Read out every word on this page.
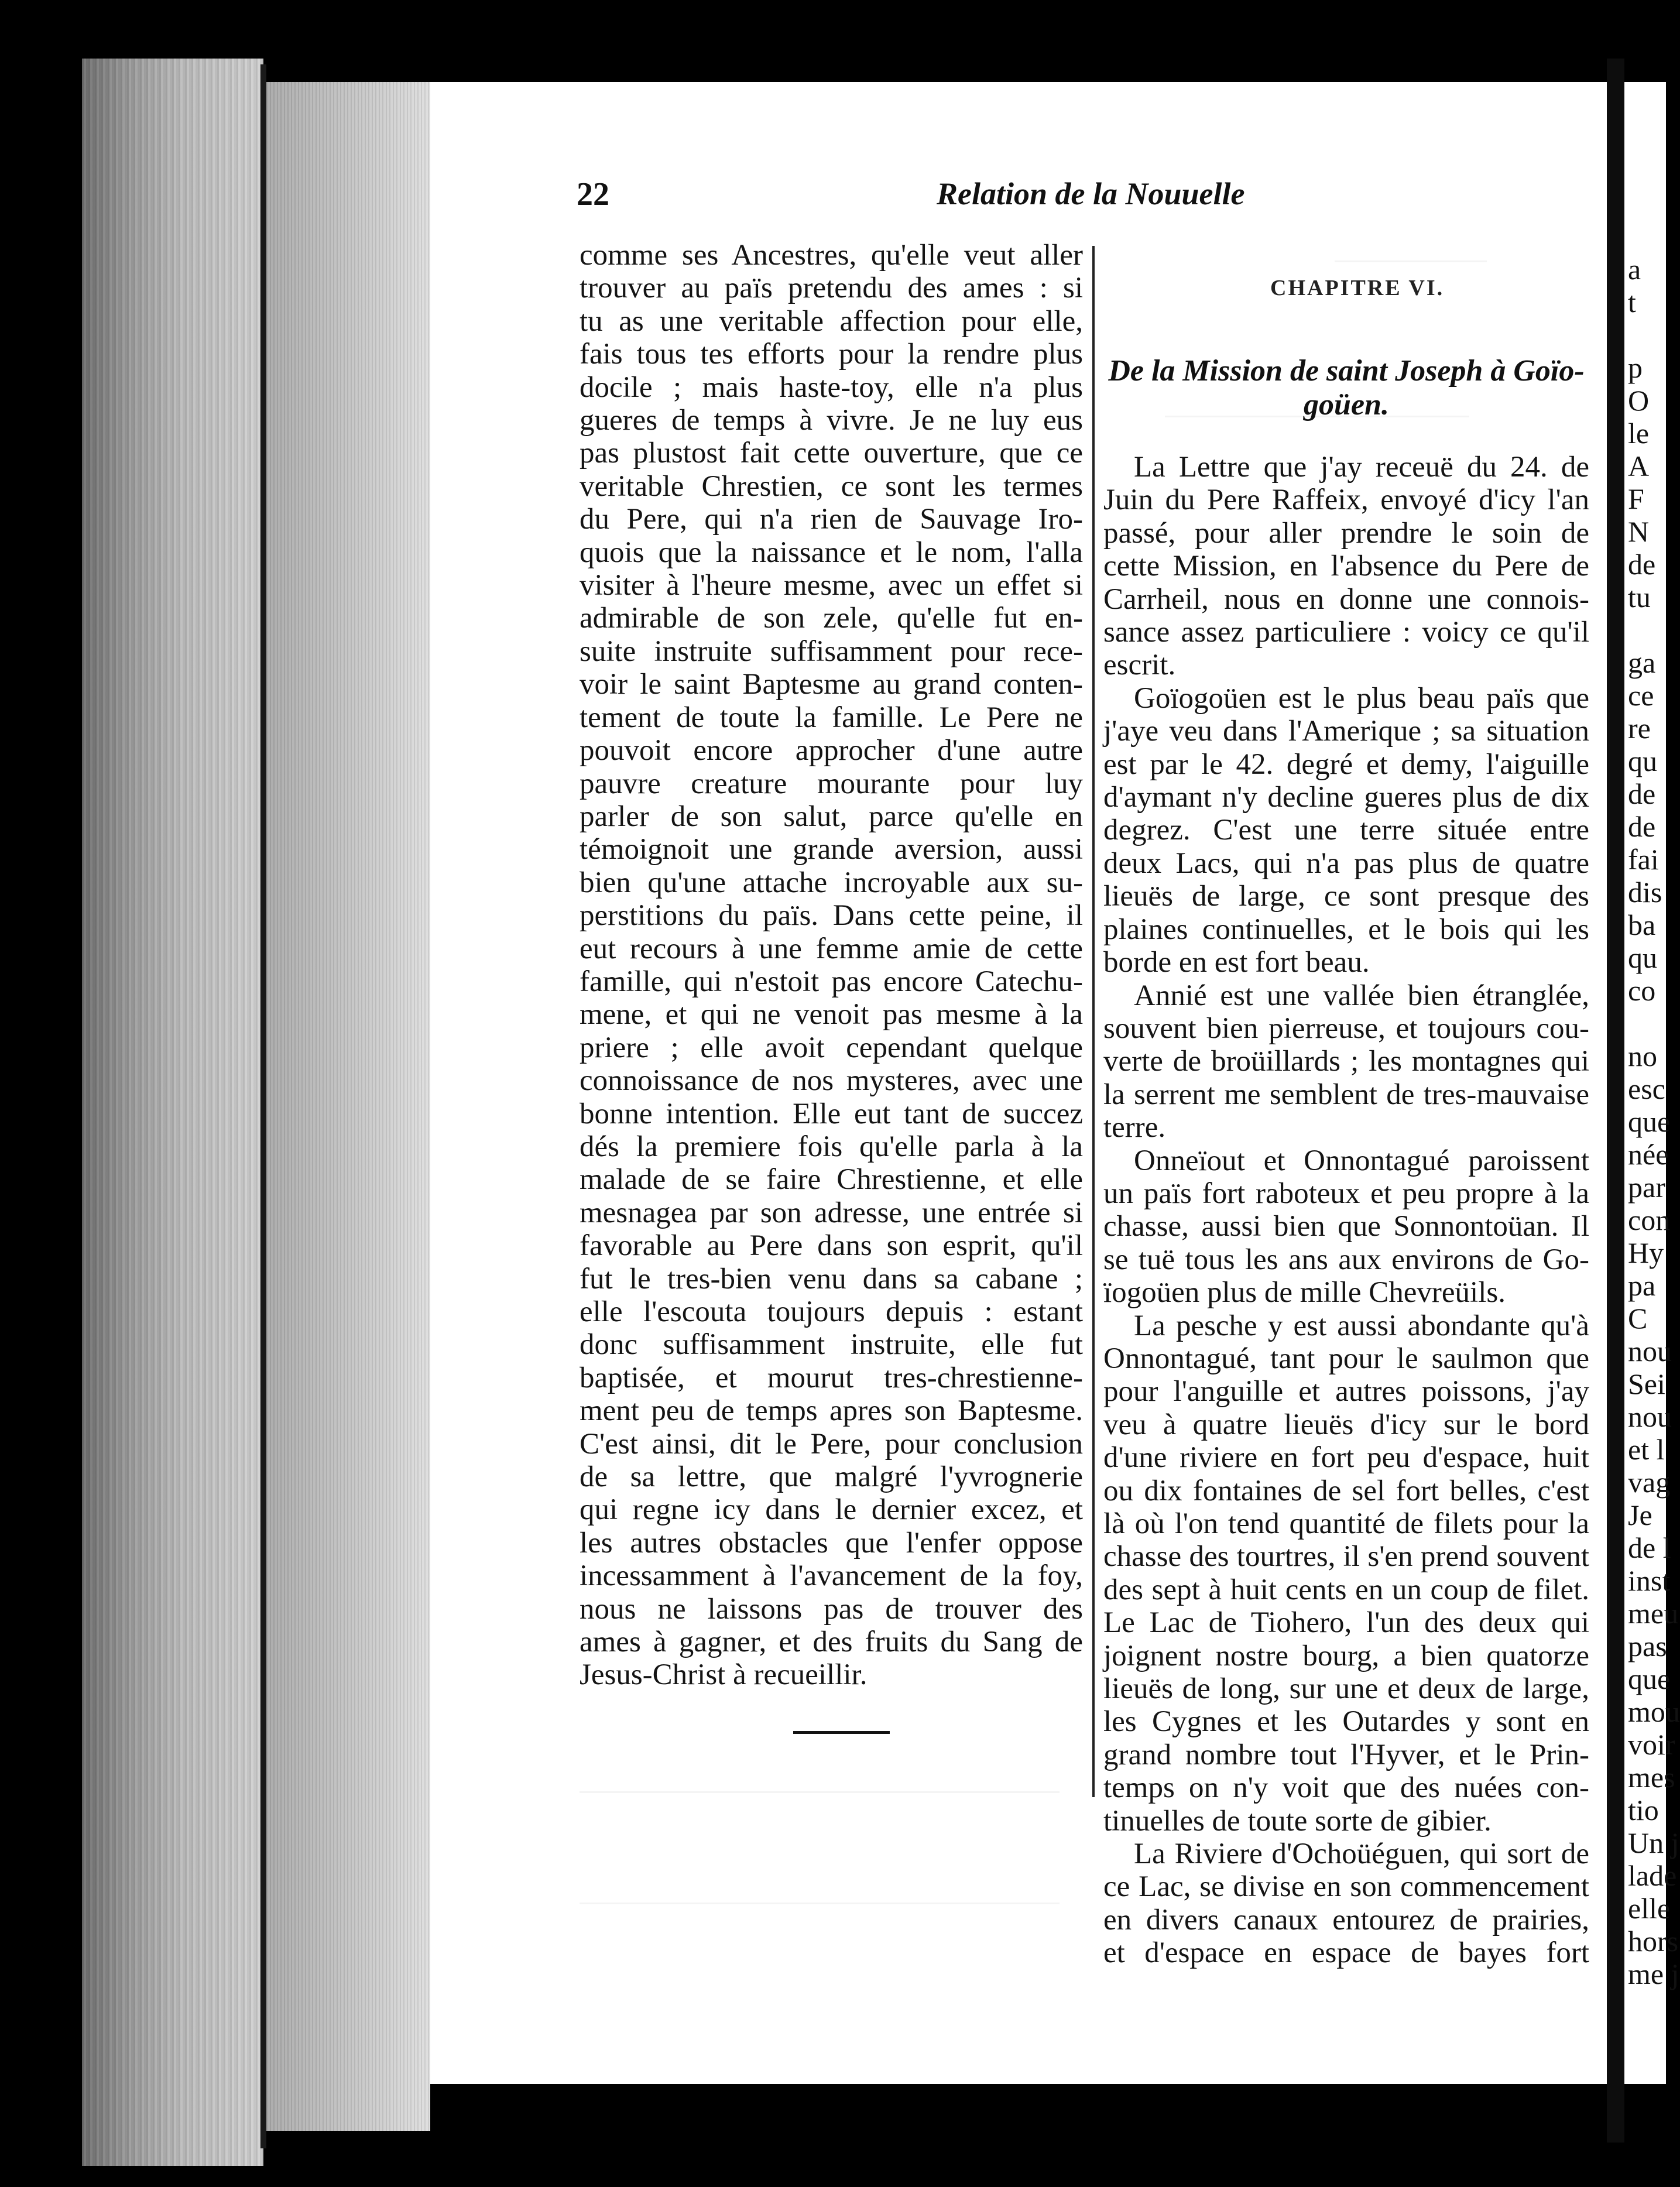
a
t
p
O
le
A
F
N
de
tu
ga
ce
re
qu
de
de
fai
dis
ba
qu
co
no
esc
que
née
par
con
Hy
pa
C
nou
Sei
nou
et l
vag
Je
de l
inst
meu
pas
que
mou
voir
mes
tio
Un j
lade
elle
hors
me j
22	Relation de la Nouuelle
comme ses Ancestres, qu'elle veut aller
trouver au païs pretendu des ames : si
tu as une veritable affection pour elle,
fais tous tes efforts pour la rendre plus
docile ; mais haste-toy, elle n'a plus
gueres de temps à vivre. Je ne luy eus
pas plustost fait cette ouverture, que ce
veritable Chrestien, ce sont les termes
du Pere, qui n'a rien de Sauvage Iro-
quois que la naissance et le nom, l'alla
visiter à l'heure mesme, avec un effet si
admirable de son zele, qu'elle fut en-
suite instruite suffisamment pour rece-
voir le saint Baptesme au grand conten-
tement de toute la famille. Le Pere ne
pouvoit encore approcher d'une autre
pauvre creature mourante pour luy
parler de son salut, parce qu'elle en
témoignoit une grande aversion, aussi
bien qu'une attache incroyable aux su-
perstitions du païs. Dans cette peine, il
eut recours à une femme amie de cette
famille, qui n'estoit pas encore Catechu-
mene, et qui ne venoit pas mesme à la
priere ; elle avoit cependant quelque
connoissance de nos mysteres, avec une
bonne intention. Elle eut tant de succez
dés la premiere fois qu'elle parla à la
malade de se faire Chrestienne, et elle
mesnagea par son adresse, une entrée si
favorable au Pere dans son esprit, qu'il
fut le tres-bien venu dans sa cabane ;
elle l'escouta toujours depuis : estant
donc suffisamment instruite, elle fut
baptisée, et mourut tres-chrestienne-
ment peu de temps apres son Baptesme.
C'est ainsi, dit le Pere, pour conclusion
de sa lettre, que malgré l'yvrognerie
qui regne icy dans le dernier excez, et
les autres obstacles que l'enfer oppose
incessamment à l'avancement de la foy,
nous ne laissons pas de trouver des
ames à gagner, et des fruits du Sang de
Jesus-Christ à recueillir.
CHAPITRE VI.
De la Mission de saint Joseph à Goïo-goüen.
La Lettre que j'ay receuë du 24. de
Juin du Pere Raffeix, envoyé d'icy l'an
passé, pour aller prendre le soin de
cette Mission, en l'absence du Pere de
Carrheil, nous en donne une connois-
sance assez particuliere : voicy ce qu'il
escrit.
Goïogoüen est le plus beau païs que
j'aye veu dans l'Amerique ; sa situation
est par le 42. degré et demy, l'aiguille
d'aymant n'y decline gueres plus de dix
degrez. C'est une terre située entre
deux Lacs, qui n'a pas plus de quatre
lieuës de large, ce sont presque des
plaines continuelles, et le bois qui les
borde en est fort beau.
Annié est une vallée bien étranglée,
souvent bien pierreuse, et toujours cou-
verte de broüillards ; les montagnes qui
la serrent me semblent de tres-mauvaise
terre.
Onneïout et Onnontagué paroissent
un païs fort raboteux et peu propre à la
chasse, aussi bien que Sonnontoüan. Il
se tuë tous les ans aux environs de Go-
ïogoüen plus de mille Chevreüils.
La pesche y est aussi abondante qu'à
Onnontagué, tant pour le saulmon que
pour l'anguille et autres poissons, j'ay
veu à quatre lieuës d'icy sur le bord
d'une riviere en fort peu d'espace, huit
ou dix fontaines de sel fort belles, c'est
là où l'on tend quantité de filets pour la
chasse des tourtres, il s'en prend souvent
des sept à huit cents en un coup de filet.
Le Lac de Tiohero, l'un des deux qui
joignent nostre bourg, a bien quatorze
lieuës de long, sur une et deux de large,
les Cygnes et les Outardes y sont en
grand nombre tout l'Hyver, et le Prin-
temps on n'y voit que des nuées con-
tinuelles de toute sorte de gibier.
La Riviere d'Ochoüéguen, qui sort de
ce Lac, se divise en son commencement
en divers canaux entourez de prairies,
et d'espace en espace de bayes fort
